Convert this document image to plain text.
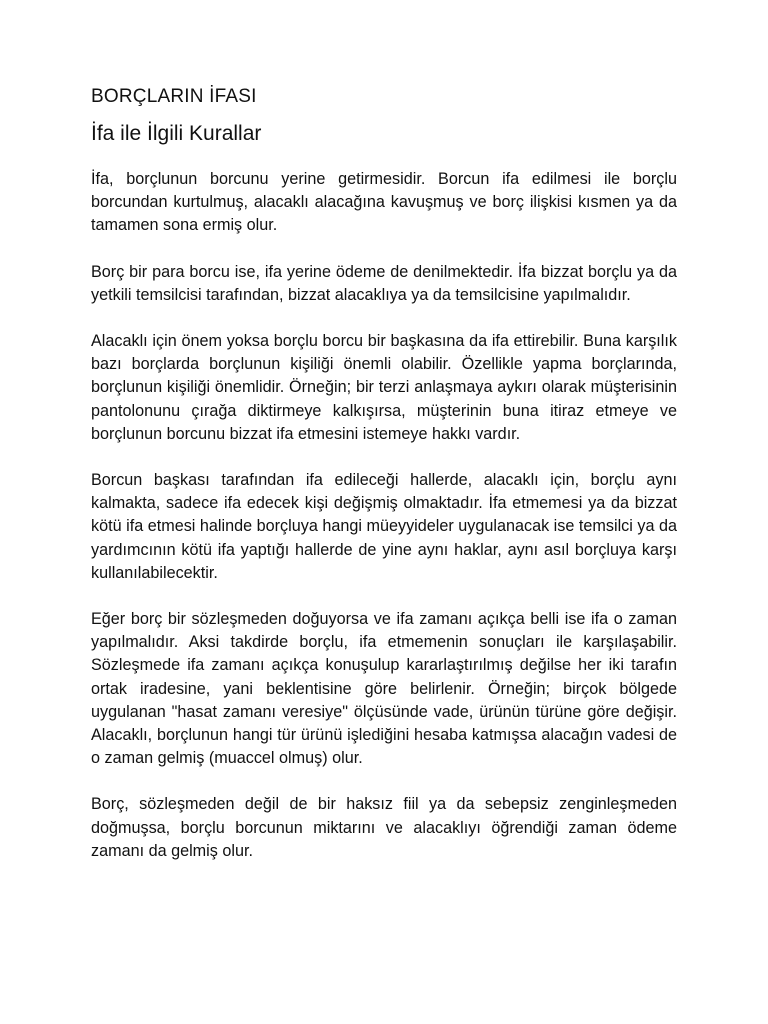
BORÇLARIN İFASI
İfa ile İlgili Kurallar

İfa, borçlunun borcunu yerine getirmesidir. Borcun ifa edilmesi ile borçlu borcundan kurtulmuş, alacaklı alacağına kavuşmuş ve borç ilişkisi kısmen ya da tamamen sona ermiş olur.

Borç bir para borcu ise, ifa yerine ödeme de denilmektedir. İfa bizzat borçlu ya da yetkili temsilcisi tarafından, bizzat alacaklıya ya da temsilcisine yapılmalıdır.

Alacaklı için önem yoksa borçlu borcu bir başkasına da ifa ettirebilir. Buna karşılık bazı borçlarda borçlunun kişiliği önemli olabilir. Özellikle yapma borçlarında, borçlunun kişiliği önemlidir. Örneğin; bir terzi anlaşmaya aykırı olarak müşterisinin pantolonunu çırağa diktirmeye kalkışırsa, müşterinin buna itiraz etmeye ve borçlunun borcunu bizzat ifa etmesini istemeye hakkı vardır.

Borcun başkası tarafından ifa edileceği hallerde, alacaklı için, borçlu aynı kalmakta, sadece ifa edecek kişi değişmiş olmaktadır. İfa etmemesi ya da bizzat kötü ifa etmesi halinde borçluya hangi müeyyideler uygulanacak ise temsilci ya da yardımcının kötü ifa yaptığı hallerde de yine aynı haklar, aynı asıl borçluya karşı kullanılabilecektir.

Eğer borç bir sözleşmeden doğuyorsa ve ifa zamanı açıkça belli ise ifa o zaman yapılmalıdır. Aksi takdirde borçlu, ifa etmemenin sonuçları ile karşılaşabilir. Sözleşmede ifa zamanı açıkça konuşulup kararlaştırılmış değilse her iki tarafın ortak iradesine, yani beklentisine göre belirlenir. Örneğin; birçok bölgede uygulanan "hasat zamanı veresiye" ölçüsünde vade, ürünün türüne göre değişir. Alacaklı, borçlunun hangi tür ürünü işlediğini hesaba katmışsa alacağın vadesi de o zaman gelmiş (muaccel olmuş) olur.

Borç, sözleşmeden değil de bir haksız fiil ya da sebepsiz zenginleşmeden doğmuşsa, borçlu borcunun miktarını ve alacaklıyı öğrendiği zaman ödeme zamanı da gelmiş olur.
